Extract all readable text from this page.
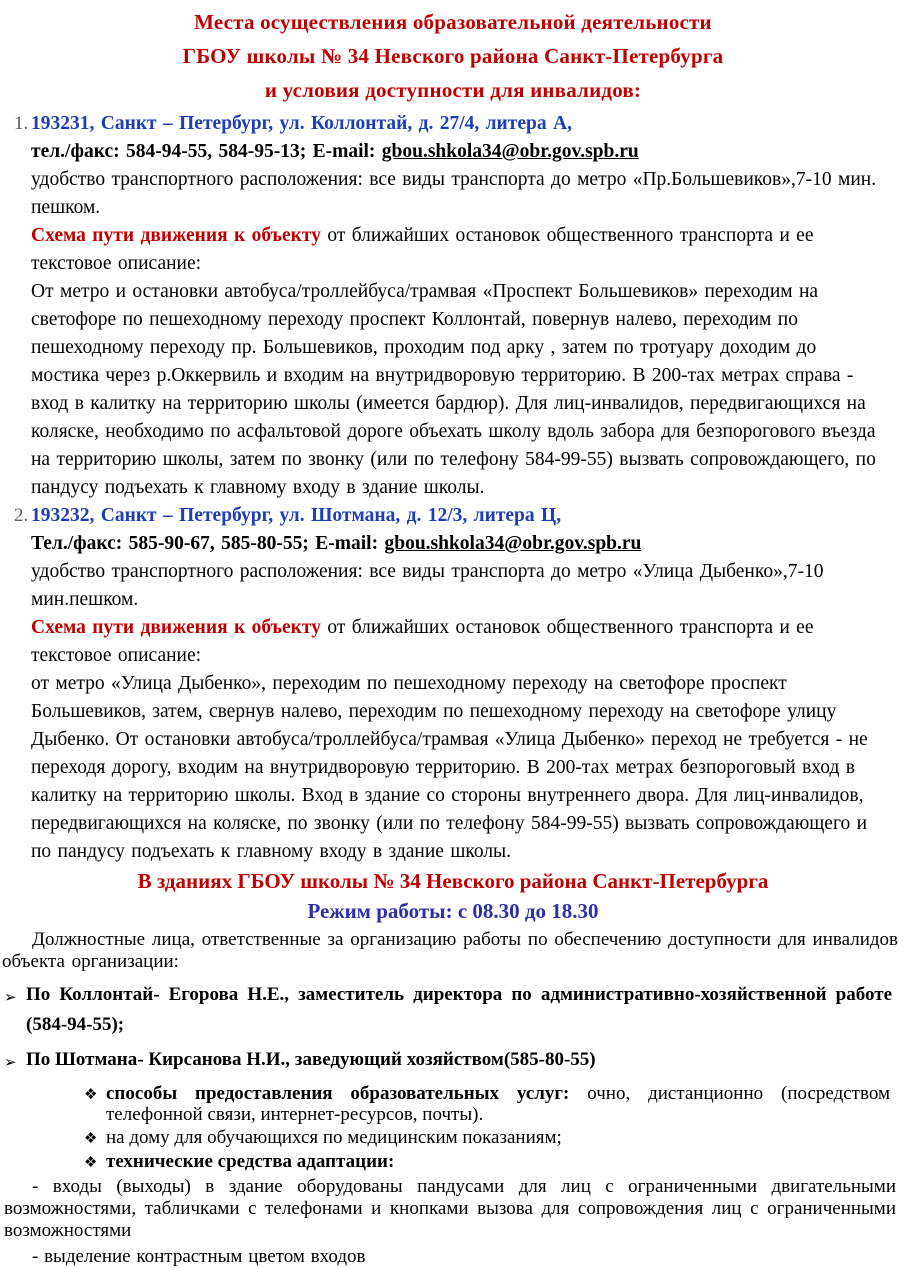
Места осуществления образовательной деятельности
ГБОУ школы № 34 Невского района Санкт-Петербурга
и условия доступности для инвалидов:
1. 193231, Санкт – Петербург, ул. Коллонтай, д. 27/4, литера А,

тел./факс: 584-94-55, 584-95-13; E-mail: gbou.shkola34@obr.gov.spb.ru

удобство транспортного расположения: все виды транспорта до метро «Пр.Большевиков»,7-10 мин. пешком.

Схема пути движения к объекту от ближайших остановок общественного транспорта и ее текстовое описание:

От метро и остановки автобуса/троллейбуса/трамвая «Проспект Большевиков» переходим на светофоре по пешеходному переходу проспект Коллонтай, повернув налево, переходим по пешеходному переходу пр. Большевиков, проходим под арку , затем по тротуару доходим до мостика через р.Оккервиль и входим на внутридворовую территорию. В 200-тах метрах справа - вход в калитку на территорию школы (имеется бардюр). Для лиц-инвалидов, передвигающихся на коляске, необходимо по асфальтовой дороге объехать школу вдоль забора для безпорогового въезда на территорию школы, затем по звонку (или по телефону 584-99-55) вызвать сопровождающего, по пандусу подъехать к главному входу в здание школы.

2. 193232, Санкт – Петербург, ул. Шотмана, д. 12/3, литера Ц,

Тел./факс: 585-90-67, 585-80-55; E-mail: gbou.shkola34@obr.gov.spb.ru

удобство транспортного расположения: все виды транспорта до метро «Улица Дыбенко»,7-10 мин.пешком.

Схема пути движения к объекту от ближайших остановок общественного транспорта и ее текстовое описание:

от метро «Улица Дыбенко», переходим по пешеходному переходу на светофоре проспект Большевиков, затем, свернув налево, переходим по пешеходному переходу на светофоре улицу Дыбенко. От остановки автобуса/троллейбуса/трамвая «Улица Дыбенко» переход не требуется - не переходя дорогу, входим на внутридворовую территорию. В 200-тах метрах безпороговый вход в калитку на территорию школы. Вход в здание со стороны внутреннего двора. Для лиц-инвалидов, передвигающихся на коляске, по звонку (или по телефону 584-99-55) вызвать сопровождающего и по пандусу подъехать к главному входу в здание школы.

В зданиях ГБОУ школы № 34 Невского района Санкт-Петербурга
Режим работы: с 08.30 до 18.30

Должностные лица, ответственные за организацию работы по обеспечению доступности для инвалидов объекта организации:

➢ По Коллонтай- Егорова Н.Е., заместитель директора по административно-хозяйственной работе (584-94-55);
➢ По Шотмана- Кирсанова Н.И., заведующий хозяйством(585-80-55)
❖ способы предоставления образовательных услуг: очно, дистанционно (посредством телефонной связи, интернет-ресурсов, почты).
❖ на дому для обучающихся по медицинским показаниям;
❖ технические средства адаптации:

- входы (выходы) в здание оборудованы пандусами для лиц с ограниченными двигательными возможностями, табличками с телефонами и кнопками вызова для сопровождения лиц с ограниченными возможностями

- выделение контрастным цветом входов
